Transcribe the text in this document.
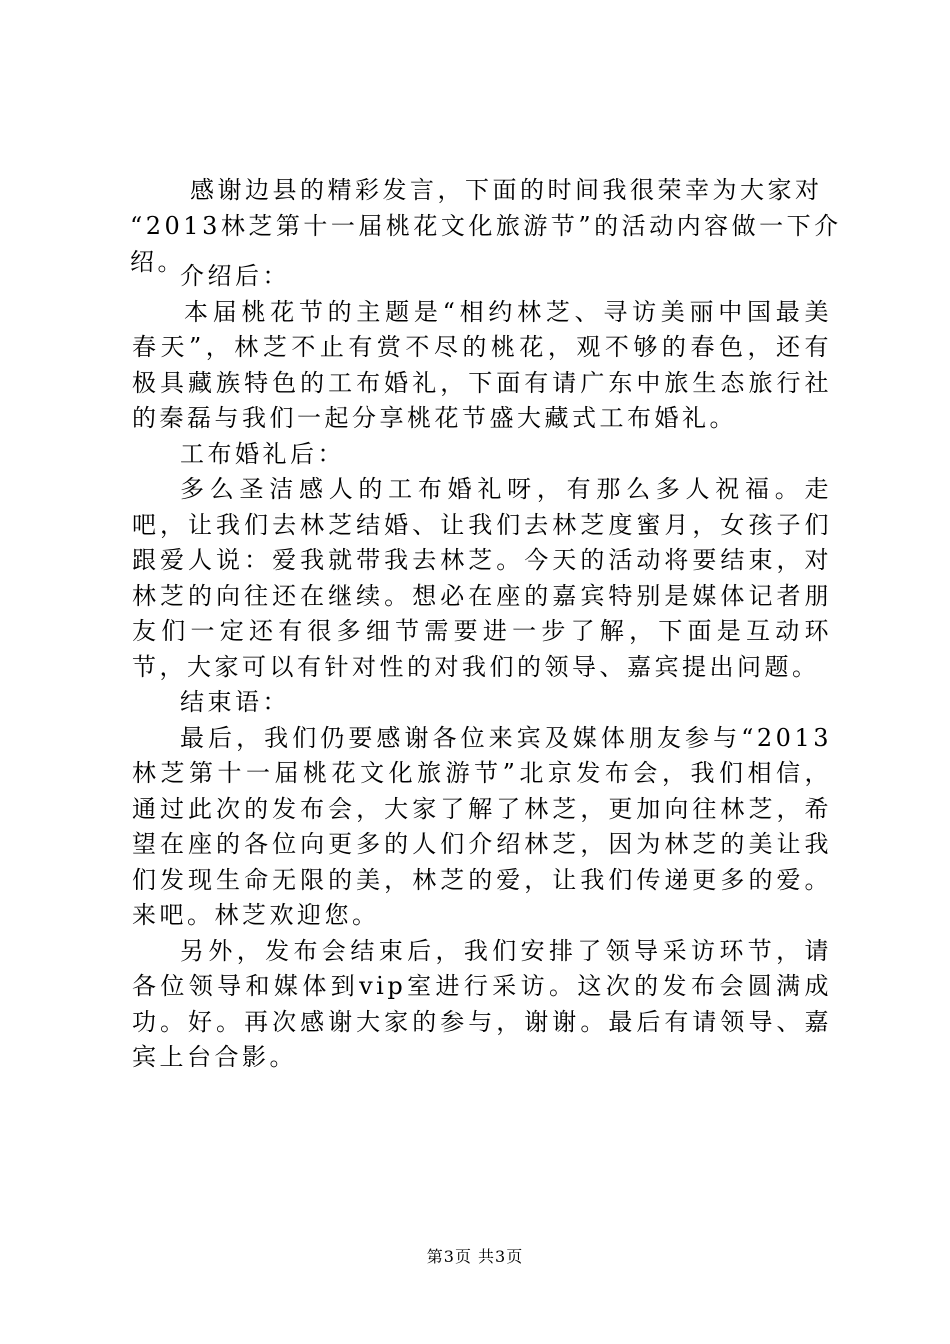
感谢边县的精彩发言，下面的时间我很荣幸为大家对
“2013林芝第十一届桃花文化旅游节”的活动内容做一下介绍。

介绍后：

本届桃花节的主题是“相约林芝、寻访美丽中国最美春天”，林芝不止有赏不尽的桃花，观不够的春色，还有极具藏族特色的工布婚礼，下面有请广东中旅生态旅行社的秦磊与我们一起分享桃花节盛大藏式工布婚礼。

工布婚礼后：

多么圣洁感人的工布婚礼呀，有那么多人祝福。走吧，让我们去林芝结婚、让我们去林芝度蜜月，女孩子们跟爱人说：爱我就带我去林芝。今天的活动将要结束，对林芝的向往还在继续。想必在座的嘉宾特别是媒体记者朋友们一定还有很多细节需要进一步了解，下面是互动环节，大家可以有针对性的对我们的领导、嘉宾提出问题。

结束语：

最后，我们仍要感谢各位来宾及媒体朋友参与“2013林芝第十一届桃花文化旅游节”北京发布会，我们相信，通过此次的发布会，大家了解了林芝，更加向往林芝，希望在座的各位向更多的人们介绍林芝，因为林芝的美让我们发现生命无限的美，林芝的爱，让我们传递更多的爱。来吧。林芝欢迎您。

另外，发布会结束后，我们安排了领导采访环节，请各位领导和媒体到vip室进行采访。这次的发布会圆满成功。好。再次感谢大家的参与，谢谢。最后有请领导、嘉宾上台合影。

第3页 共3页
